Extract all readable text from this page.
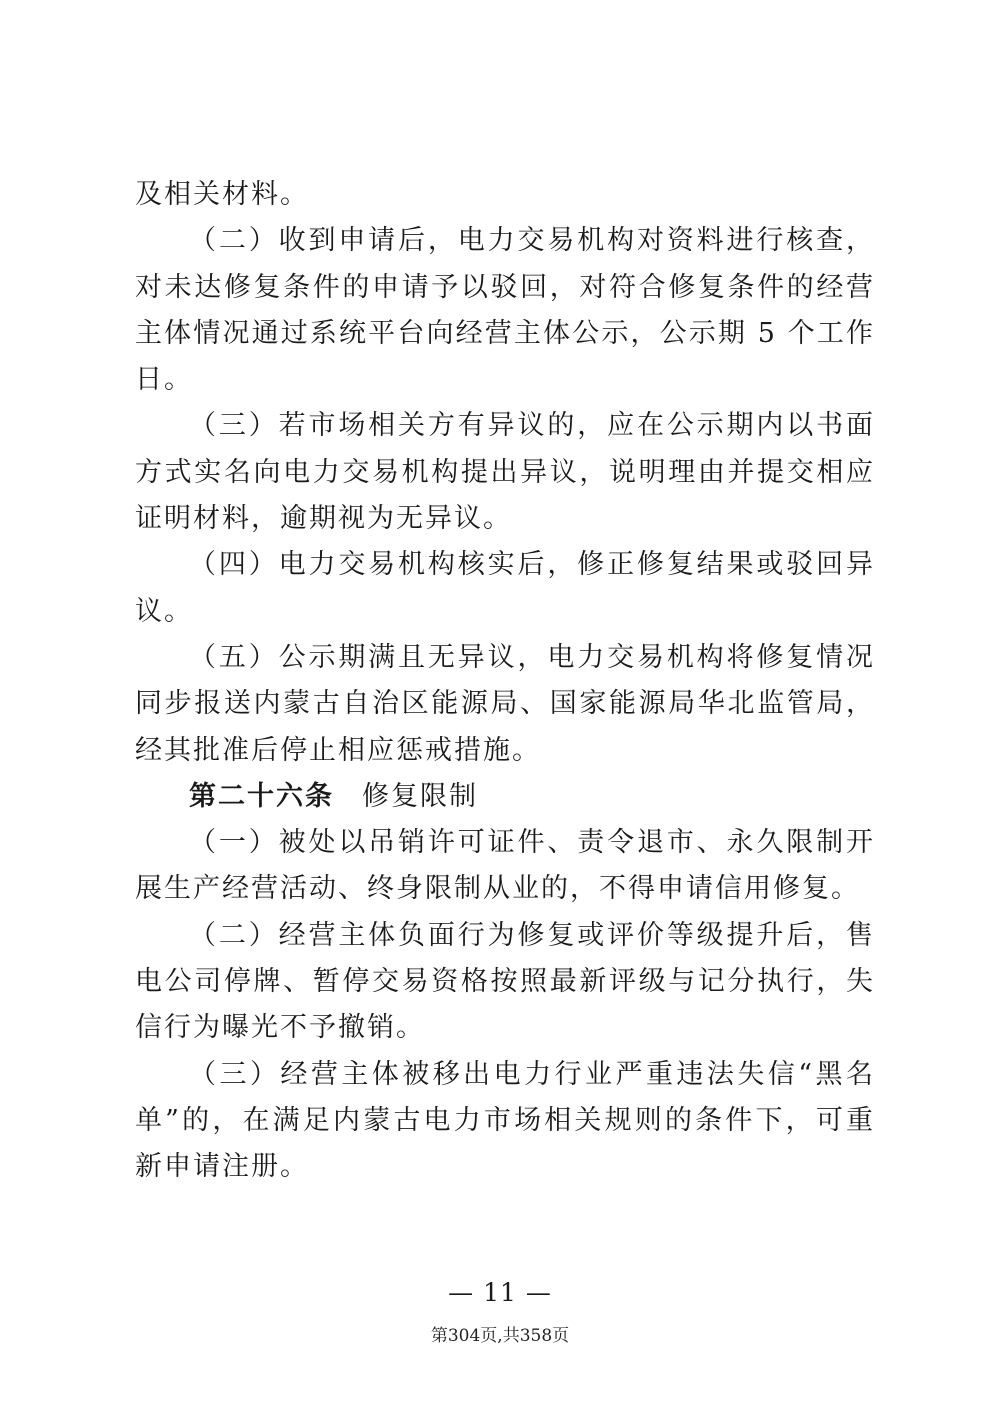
及相关材料。

（二）收到申请后，电力交易机构对资料进行核查，对未达修复条件的申请予以驳回，对符合修复条件的经营主体情况通过系统平台向经营主体公示，公示期 5 个工作日。

（三）若市场相关方有异议的，应在公示期内以书面方式实名向电力交易机构提出异议，说明理由并提交相应证明材料，逾期视为无异议。

（四）电力交易机构核实后，修正修复结果或驳回异议。

（五）公示期满且无异议，电力交易机构将修复情况同步报送内蒙古自治区能源局、国家能源局华北监管局，经其批准后停止相应惩戒措施。

第二十六条 修复限制

（一）被处以吊销许可证件、责令退市、永久限制开展生产经营活动、终身限制从业的，不得申请信用修复。

（二）经营主体负面行为修复或评价等级提升后，售电公司停牌、暂停交易资格按照最新评级与记分执行，失信行为曝光不予撤销。

（三）经营主体被移出电力行业严重违法失信“黑名单”的，在满足内蒙古电力市场相关规则的条件下，可重新申请注册。

— 11 —
第304页,共358页
